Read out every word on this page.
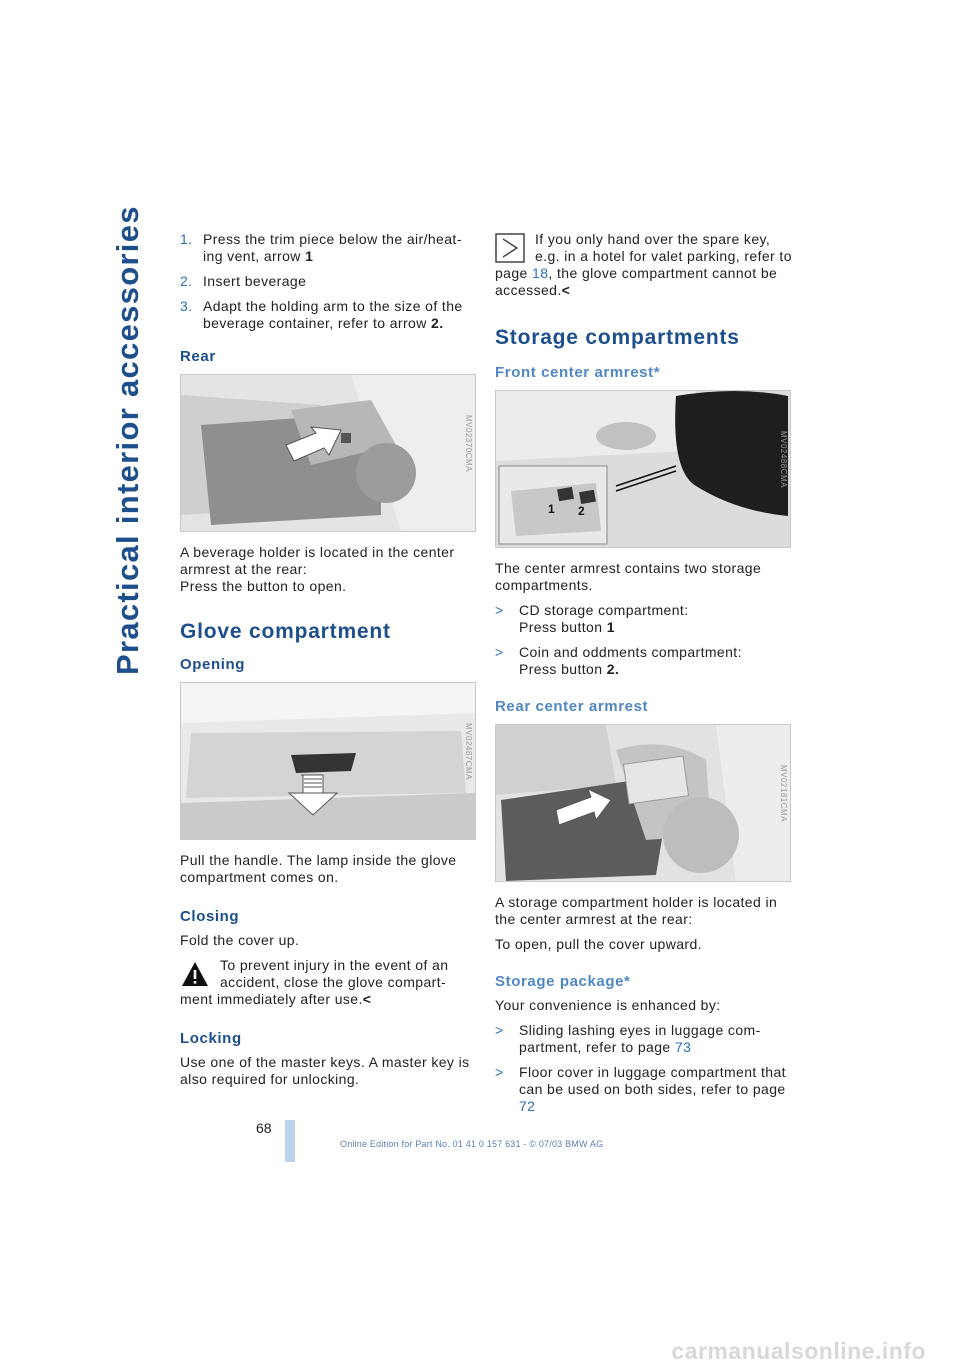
Practical interior accessories	1. Press the trim piece below the air/heat-ing vent, arrow 1
2. Insert beverage
3. Adapt the holding arm to the size of the beverage container, refer to arrow 2.
Rear
MV02370CMA

A beverage holder is located in the center armrest at the rear:

Press the button to open.

Glove compartment
Opening
MV02487CMA

Pull the handle. The lamp inside the glove compartment comes on.

Closing

Fold the cover up.

To prevent injury in the event of an accident, close the glove compart-ment immediately after use.<
Locking

Use one of the master keys. A master key is also required for unlocking.

If you only hand over the spare key, e.g. in a hotel for valet parking, refer to page 18, the glove compartment cannot be accessed.<
Storage compartments
Front center armrest*
1 2
MV02488CMA

The center armrest contains two storage compartments.

>	CD storage compartment:
Press button 1
>	Coin and oddments compartment:
Press button 2.
Rear center armrest
MV02181CMA

A storage compartment holder is located in the center armrest at the rear:

To open, pull the cover upward.

Storage package*

Your convenience is enhanced by:

>	Sliding lashing eyes in luggage com-partment, refer to page 73
>	Floor cover in luggage compartment that can be used on both sides, refer to page 72
68
Online Edition for Part No. 01 41 0 157 631 - © 07/03 BMW AG
carmanualsonline.info
